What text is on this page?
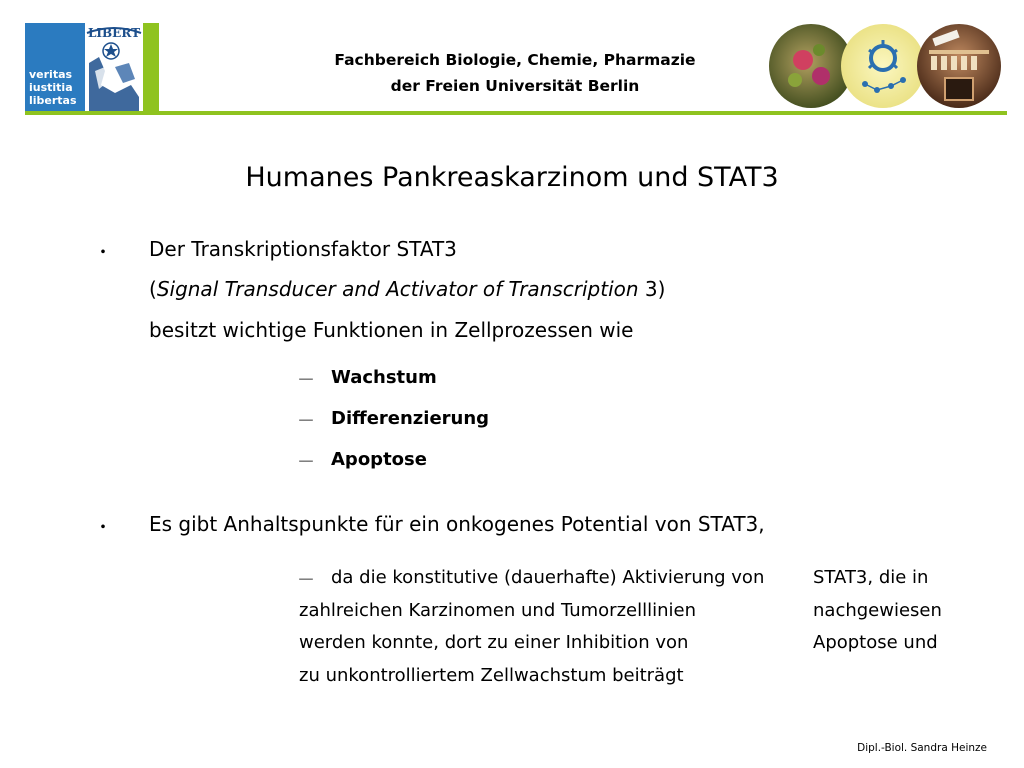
veritas
iustitia
libertas
LIBERT
Fachbereich Biologie, Chemie, Pharmazie
der Freien Universität Berlin
Humanes Pankreaskarzinom und STAT3
・ Der Transkriptionsfaktor STAT3
(Signal Transducer and Activator of Transcription 3)
besitzt wichtige Funktionen in Zellprozessen wie
－ Wachstum
－ Differenzierung
－ Apoptose
・ Es gibt Anhaltspunkte für ein onkogenes Potential von STAT3,
－ da die konstitutive (dauerhafte) Aktivierung von
zahlreichen Karzinomen und Tumorzelllinien
werden konnte, dort zu einer Inhibition von
zu unkontrolliertem Zellwachstum beiträgt
STAT3, die in
nachgewiesen
Apoptose und
Dipl.-Biol. Sandra Heinze
